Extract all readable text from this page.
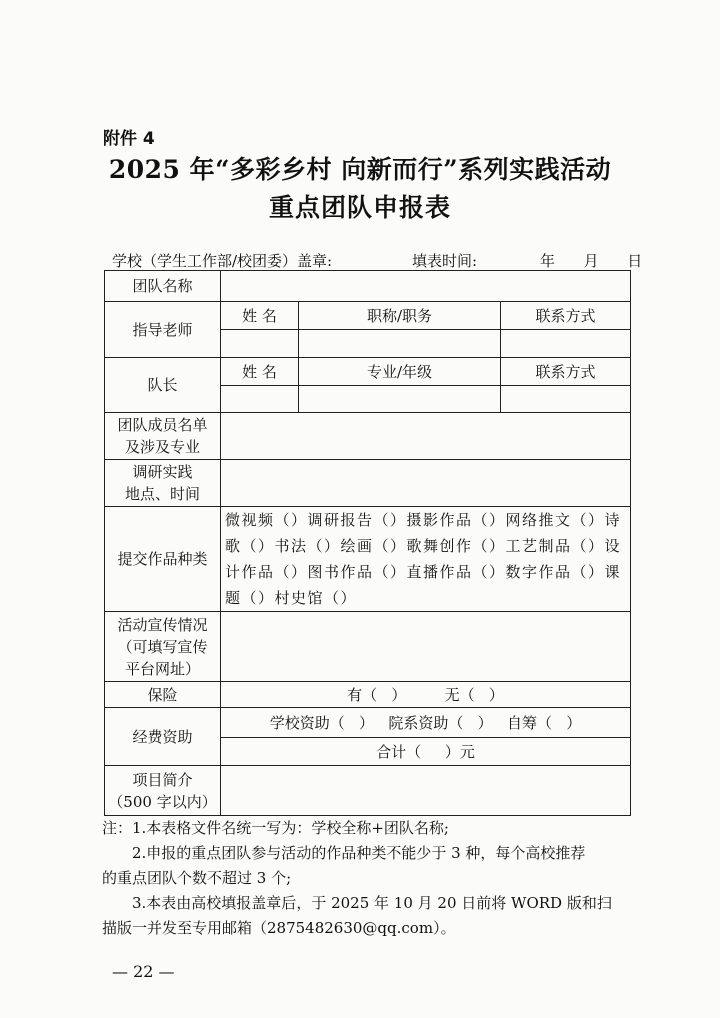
附件 4
2025 年“多彩乡村 向新而行”系列实践活动
重点团队申报表
学校（学生工作部/校团委）盖章:	填表时间:	年      月      日
团队名称			
指导老师	姓 名	职称/职务	联系方式

队长	姓 名	专业/年级	联系方式

团队成员名单
及涉及专业			

调研实践
地点、时间			

提交作品种类	微视频（）调研报告（）摄影作品（）网络推文（）诗
歌（）书法（）绘画（）歌舞创作（）工艺制品（）设
计作品（）图书作品（）直播作品（）数字作品（）课
题（）村史馆（）		

活动宣传情况
（可填写宣传
平台网址）			

保险	有（   ）        无（   ）		
经费资助	学校资助（   ）   院系资助（   ）   自筹（   ）		
	合计（     ）元		

项目简介
（500 字以内）			

注：1.本表格文件名统一写为：学校全称+团队名称;
2.申报的重点团队参与活动的作品种类不能少于 3 种，每个高校推荐
的重点团队个数不超过 3 个;
3.本表由高校填报盖章后，于 2025 年 10 月 20 日前将 WORD 版和扫
描版一并发至专用邮箱（2875482630@qq.com）。
— 22 —
